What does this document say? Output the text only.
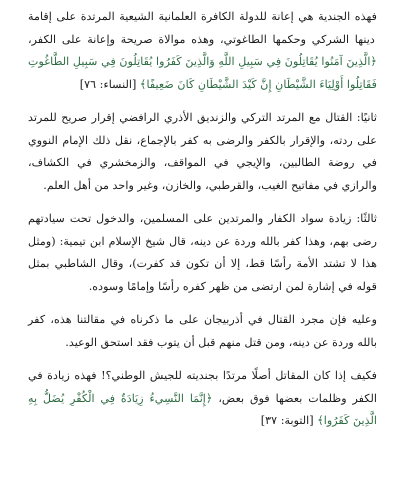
فهذه الجندية هي إعانة للدولة الكافرة العلمانية الشيعية المرتدة على إقامة دينها الشركي وحكمها الطاغوتي، وهذه موالاة صريحة وإعانة على الكفر، ﴿الَّذِينَ آمَنُوا يُقَاتِلُونَ فِي سَبِيلِ اللَّهِ وَالَّذِينَ كَفَرُوا يُقَاتِلُونَ فِي سَبِيلِ الطَّاغُوتِ فَقَاتِلُوا أَوْلِيَاءَ الشَّيْطَانِ إِنَّ كَيْدَ الشَّيْطَانِ كَانَ ضَعِيفًا﴾ [النساء: ٧٦]

ثانيًا: القتال مع المرتد التركي والزنديق الأذري الرافضي إقرار صريح للمرتد على ردته، والإقرار بالكفر والرضى به كفر بالإجماع، نقل ذلك الإمام النووي في روضة الطالبين، والإيجي في المواقف، والزمخشري في الكشاف، والرازي في مفاتيح الغيب، والقرطبي، والخازن، وغير واحد من أهل العلم.

ثالثًا: زيادة سواد الكفار والمرتدين على المسلمين، والدخول تحت سيادتهم رضى بهم، وهذا كفر بالله وردة عن دينه، قال شيخ الإسلام ابن تيمية: (ومثل هذا لا تشتد الأمة رأسًا قط، إلا أن تكون قد كفرت)، وقال الشاطبي بمثل قوله في إشارة لمن ارتضى من ظهر كفره رأسًا وإمامًا وسوده.

وعليه فإن مجرد القتال في أذربيجان على ما ذكرناه في مقالتنا هذه، كفر بالله وردة عن دينه، ومن قتل منهم قبل أن يتوب فقد استحق الوعيد.

فكيف إذا كان المقاتل أصلًا مرتدًا بجنديته للجيش الوطني؟! فهذه زيادة في الكفر وظلمات بعضها فوق بعض، ﴿إِنَّمَا النَّسِيءُ زِيَادَةٌ فِي الْكُفْرِ يُضَلُّ بِهِ الَّذِينَ كَفَرُوا﴾ [التوبة: ٣٧]
